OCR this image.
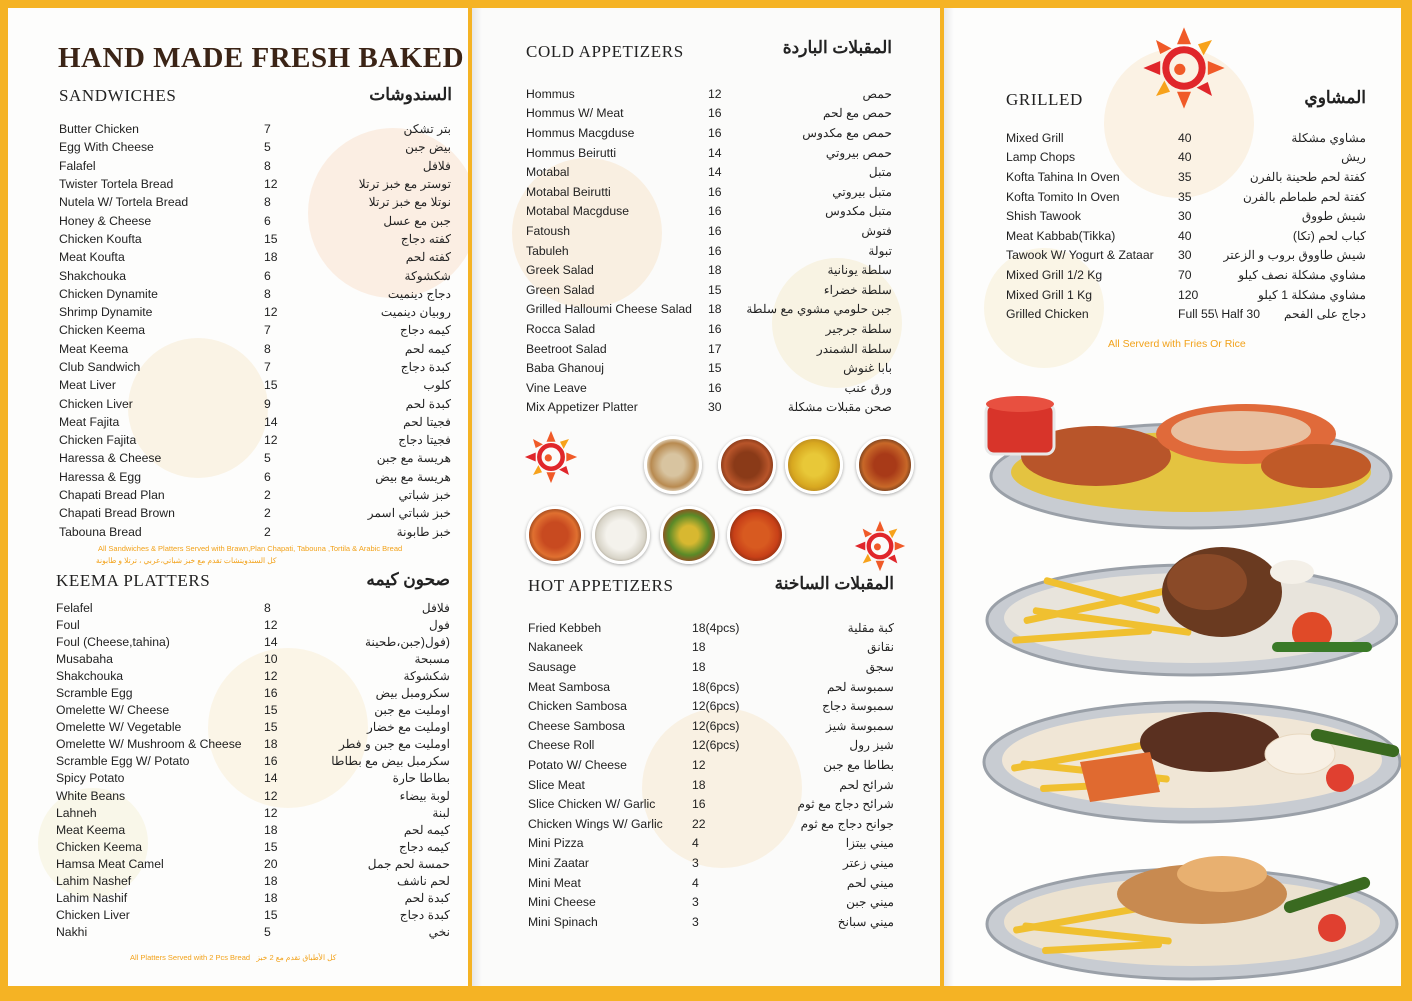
HAND MADE FRESH BAKED
SANDWICHES	السندوشات
Butter Chicken	7	بتر تشكن
Egg With Cheese	5	بيض جبن
Falafel	8	فلافل
Twister Tortela Bread	12	توستر مع خبز ترتلا
Nutela W/ Tortela Bread	8	نوتلا مع خبز ترتلا
Honey & Cheese	6	جبن مع عسل
Chicken Koufta	15	كفته دجاج
Meat Koufta	18	كفته لحم
Shakchouka	6	شكشوكة
Chicken Dynamite	8	دجاج دينميت
Shrimp Dynamite	12	روبيان دينميت
Chicken Keema	7	كيمه دجاج
Meat Keema	8	كيمه لحم
Club Sandwich	7	كبدة دجاج
Meat Liver	15	كلوب
Chicken Liver	9	كبدة لحم
Meat Fajita	14	فجيتا لحم
Chicken Fajita	12	فجيتا دجاج
Haressa & Cheese	5	هريسة مع جبن
Haressa & Egg	6	هريسة مع بيض
Chapati Bread Plan	2	خبز شباتي
Chapati Bread Brown	2	خبز شباتي اسمر
Tabouna Bread	2	خبز طابونة
All Sandwiches & Platters Served with Brawn,Plan Chapati, Tabouna ,Tortila & Arabic Bread
كل السندويتشات تقدم مع خبز شباتي،عربي ، ترتلا و طابونة
KEEMA PLATTERS	صحون كيمه
Felafel	8	فلافل
Foul	12	فول
Foul (Cheese,tahina)	14	(فول(جبن،طحينة
Musabaha	10	مسبحة
Shakchouka	12	شكشوكة
Scramble Egg	16	سكرومبل بيض
Omelette W/ Cheese	15	اومليت مع جبن
Omelette W/ Vegetable	15	اومليت مع خضار
Omelette W/ Mushroom & Cheese 18	اومليت مع جبن و فطر
Scramble Egg W/ Potato	16	سكرمبل بيض مع بطاطا
Spicy Potato	14	بطاطا حارة
White Beans	12	لوبة بيضاء
Lahneh	12	لبنة
Meat Keema	18	كيمه لحم
Chicken Keema	15	كيمه دجاج
Hamsa Meat Camel	20	حمسة لحم جمل
Lahim Nashef	18	لحم ناشف
Lahim Nashif	18	كبدة لحم
Chicken Liver	15	كبدة دجاج
Nakhi	5	نخي
All Platters Served with 2 Pcs Bread كل الأطباق تقدم مع 2 خبز
COLD APPETIZERS	المقبلات الباردة
Hommus	12	حمص
Hommus W/ Meat	16	حمص مع لحم
Hommus Macgduse	16	حمص مع مكدوس
Hommus Beirutti	14	حمص بيروتي
Motabal	14	متبل
Motabal Beirutti	16	متبل بيروتي
Motabal Macgduse	16	متبل مكدوس
Fatoush	16	فتوش
Tabuleh	16	تبولة
Greek Salad	18	سلطة يونانية
Green Salad	15	سلطة خضراء
Grilled Halloumi Cheese Salad 18 جبن حلومي مشوي مع سلطة
Rocca Salad	16	سلطة جرجير
Beetroot Salad	17	سلطة الشمندر
Baba Ghanouj	15	بابا غنوش
Vine Leave	16	ورق عنب
Mix Appetizer Platter	30	صحن مقبلات مشكلة
HOT APPETIZERS	المقبلات الساخنة
Fried Kebbeh	18(4pcs)	كبة مقلية
Nakaneek	18	نقانق
Sausage	18	سجق
Meat Sambosa	18(6pcs)	سمبوسة لحم
Chicken Sambosa	12(6pcs)	سمبوسة دجاج
Cheese Sambosa	12(6pcs)	سمبوسة شيز
Cheese Roll	12(6pcs)	شيز رول
Potato W/ Cheese	12	بطاطا مع جبن
Slice Meat	18	شرائح لحم
Slice Chicken W/ Garlic	16	شرائح دجاج مع ثوم
Chicken Wings W/ Garlic 22	جوانح دجاج مع ثوم
Mini Pizza	4	ميني بيتزا
Mini Zaatar	3	ميني زعتر
Mini Meat	4	ميني لحم
Mini Cheese	3	ميني جبن
Mini Spinach	3	ميني سبانخ
GRILLED	المشاوي
Mixed Grill	40	مشاوي مشكلة
Lamp Chops	40	ريش
Kofta Tahina In Oven	35	كفتة لحم طحينة بالفرن
Kofta Tomito In Oven	35	كفتة لحم طماطم بالفرن
Shish Tawook	30	شيش طووق
Meat Kabbab(Tikka)	40	كباب لحم (تكا)
Tawook W/ Yogurt & Zataar 30	شيش طاووق بروب و الزعتر
Mixed Grill 1/2 Kg	70	مشاوي مشكلة نصف كيلو
Mixed Grill 1 Kg	120	مشاوي مشكلة 1 كيلو
Grilled Chicken	Full 55\ Half 30 دجاج على الفحم
All Serverd with Fries Or Rice
